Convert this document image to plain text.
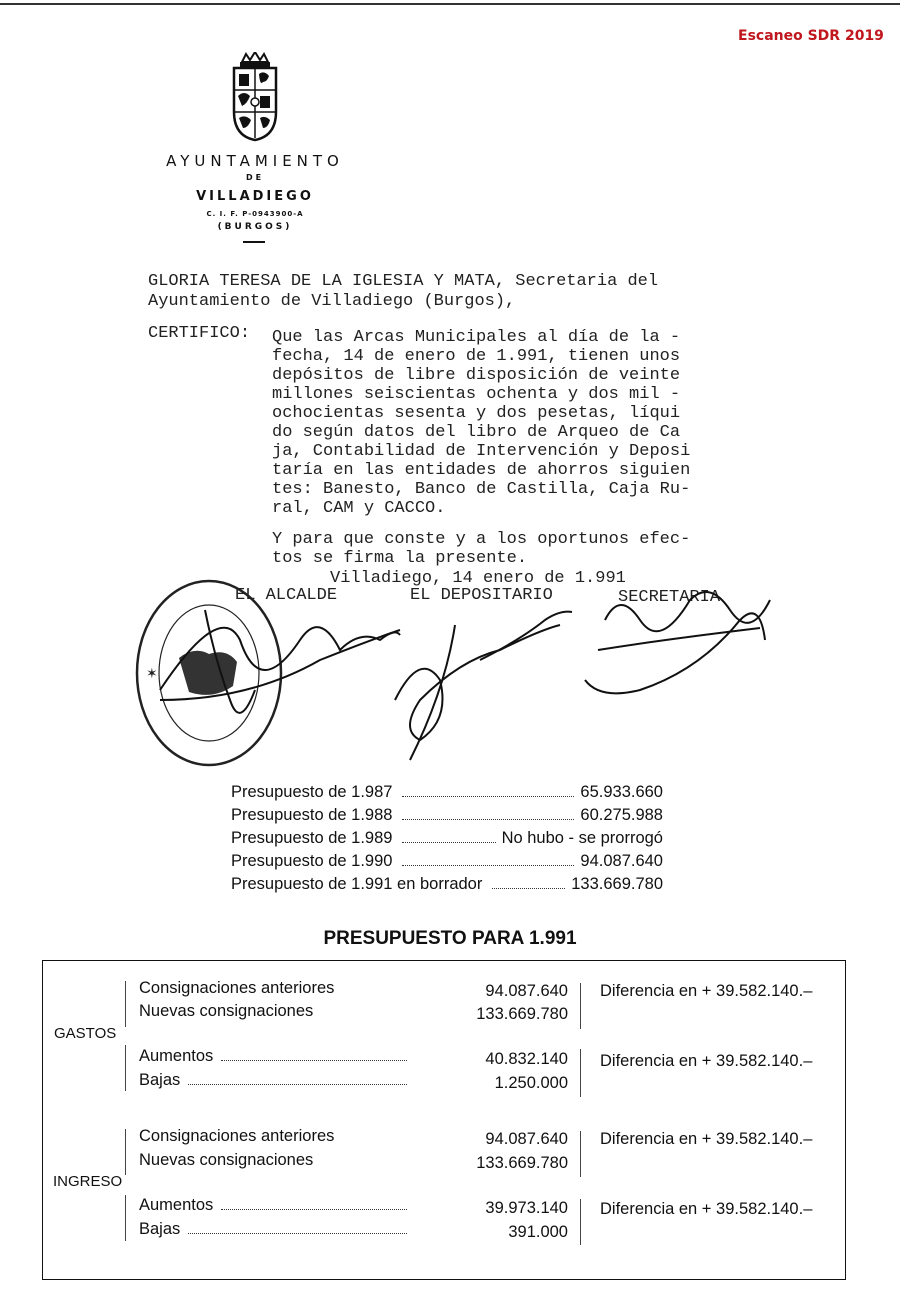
Escaneo SDR 2019
AYUNTAMIENTO
DE
VILLADIEGO
C. I. F. P-0943900-A
(BURGOS)
GLORIA TERESA DE LA IGLESIA Y MATA, Secretaria del
Ayuntamiento de Villadiego (Burgos),
CERTIFICO: Que las Arcas Municipales al día de la -
fecha, 14 de enero de 1.991, tienen unos
depósitos de libre disposición de veinte
millones seiscientas ochenta y dos mil -
ochocientas sesenta y dos pesetas, líqui
do según datos del libro de Arqueo de Ca
ja, Contabilidad de Intervención y Deposi
taría en las entidades de ahorros siguien
tes: Banesto, Banco de Castilla, Caja Ru-
ral, CAM y CACCO.
Y para que conste y a los oportunos efec-
tos se firma la presente.
Villadiego, 14 enero de 1.991
EL ALCALDE	EL DEPOSITARIO	SECRETARIA
✶
Presupuesto de 1.987	65.933.660
Presupuesto de 1.988	60.275.988
Presupuesto de 1.989	No hubo - se prorrogó
Presupuesto de 1.990	94.087.640
Presupuesto de 1.991 en borrador	133.669.780
PRESUPUESTO PARA 1.991
GASTOS
Consignaciones anteriores	94.087.640
Nuevas consignaciones	133.669.780
Diferencia en + 39.582.140.–
Aumentos	40.832.140
Bajas	1.250.000
Diferencia en + 39.582.140.–
INGRESO
Consignaciones anteriores	94.087.640
Nuevas consignaciones	133.669.780
Diferencia en + 39.582.140.–
Aumentos	39.973.140
Bajas	391.000
Diferencia en + 39.582.140.–
